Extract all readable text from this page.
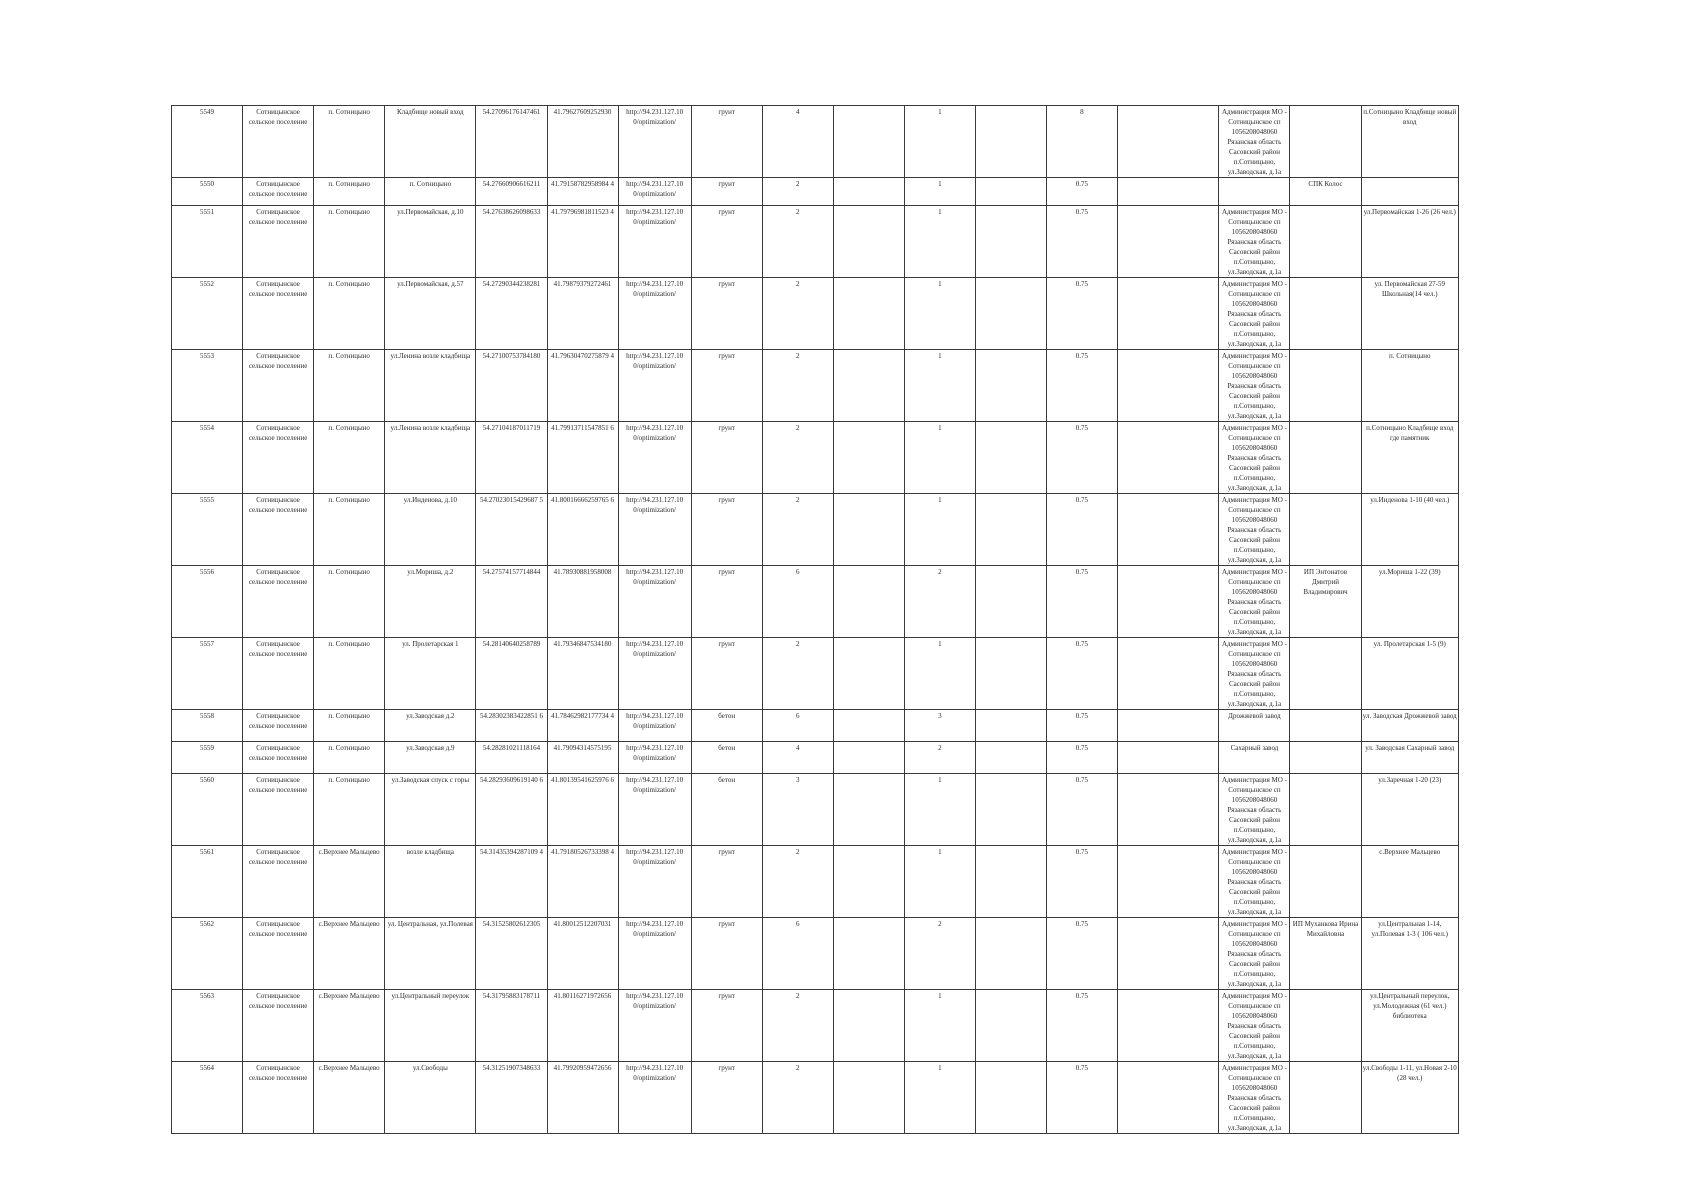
5549	Сотницынское сельское поселение	п. Сотницыно	Кладбище новый вход	54.27096176147461	41.79627609252930	http://94.231.127.10 0/optimization/	грунт	4		1		8		Администрация МО - Сотницынское сп 1056208048060 Рязанская область Сасовский район п.Сотницыно, ул.Заводская, д.1а		п.Сотницыно Кладбище новый вход
5550	Сотницынское сельское поселение	п. Сотницыно	п. Сотницыно	54.27660906616211	41.79158782958984 4	http://94.231.127.10 0/optimization/	грунт	2		1		0.75			СПК Колос	
5551	Сотницынское сельское поселение	п. Сотницыно	ул.Первомайская, д.10	54.27638626098633	41.79796981811523 4	http://94.231.127.10 0/optimization/	грунт	2		1		0.75		Администрация МО - Сотницынское сп 1056208048060 Рязанская область Сасовский район п.Сотницыно, ул.Заводская, д.1а		ул.Первомайская 1-26 (26 чел.)
5552	Сотницынское сельское поселение	п. Сотницыно	ул.Первомайская, д.57	54.27290344238281	41.79879379272461	http://94.231.127.10 0/optimization/	грунт	2		1		0.75		Администрация МО - Сотницынское сп 1056208048060 Рязанская область Сасовский район п.Сотницыно, ул.Заводская, д.1а		ул. Первомайская 27-59 Школьная(14 чел.)
5553	Сотницынское сельское поселение	п. Сотницыно	ул.Ленина возле кладбища	54.27100753784180	41.79630470275879 4	http://94.231.127.10 0/optimization/	грунт	2		1		0.75		Администрация МО - Сотницынское сп 1056208048060 Рязанская область Сасовский район п.Сотницыно, ул.Заводская, д.1а		п. Сотницыно
5554	Сотницынское сельское поселение	п. Сотницыно	ул.Ленина возле кладбища	54.27104187011719	41.79913711547851 6	http://94.231.127.10 0/optimization/	грунт	2		1		0.75		Администрация МО - Сотницынское сп 1056208048060 Рязанская область Сасовский район п.Сотницыно, ул.Заводская, д.1а		п.Сотницыно Кладбище вход где памятник
5555	Сотницынское сельское поселение	п. Сотницыно	ул.Инденова, д.10	54.27023015429687 5	41.80016666259765 6	http://94.231.127.10 0/optimization/	грунт	2		1		0.75		Администрация МО - Сотницынское сп 1056208048060 Рязанская область Сасовский район п.Сотницыно, ул.Заводская, д.1а		ул.Инденова 1-10 (40 чел.)
5556	Сотницынское сельское поселение	п. Сотницыно	ул.Мориша, д.2	54.27574157714844	41.78930881958008	http://94.231.127.10 0/optimization/	грунт	6		2		0.75		Администрация МО - Сотницынское сп 1056208048060 Рязанская область Сасовский район п.Сотницыно, ул.Заводская, д.1а	ИП Энтонатов Дмитрий Владимирович	ул.Мориша 1-22 (39)
5557	Сотницынское сельское поселение	п. Сотницыно	ул. Пролетарская 1	54.28140640258789	41.79346847534180	http://94.231.127.10 0/optimization/	грунт	2		1		0.75		Администрация МО - Сотницынское сп 1056208048060 Рязанская область Сасовский район п.Сотницыно, ул.Заводская, д.1а		ул. Пролетарская 1-5 (9)
5558	Сотницынское сельское поселение	п. Сотницыно	ул.Заводская д.2	54.28302383422851 6	41.78462982177734 4	http://94.231.127.10 0/optimization/	бетон	6		3		0.75		Дрожжевой завод		ул. Заводская Дрожжевой завод
5559	Сотницынское сельское поселение	п. Сотницыно	ул.Заводская д.9	54.28281021118164	41.79094314575195	http://94.231.127.10 0/optimization/	бетон	4		2		0.75		Сахарный завод		ул. Заводская Сахарный завод
5560	Сотницынское сельское поселение	п. Сотницыно	ул.Заводская спуск с горы	54.28293609619140 6	41.80139541625976 6	http://94.231.127.10 0/optimization/	бетон	3		1		0.75		Администрация МО - Сотницынское сп 1056208048060 Рязанская область Сасовский район п.Сотницыно, ул.Заводская, д.1а		ул.Заречная 1-20 (23)
5561	Сотницынское сельское поселение	с.Верхнее Мальцево	возле кладбища	54.31435394287109 4	41.79180526733398 4	http://94.231.127.10 0/optimization/	грунт	2		1		0.75		Администрация МО - Сотницынское сп 1056208048060 Рязанская область Сасовский район п.Сотницыно, ул.Заводская, д.1а		с.Верхнее Мальцево
5562	Сотницынское сельское поселение	с.Верхнее Мальцево	ул. Центральная, ул.Полевая	54.31525802612305	41.80012512207031	http://94.231.127.10 0/optimization/	грунт	6		2		0.75		Администрация МО - Сотницынское сп 1056208048060 Рязанская область Сасовский район п.Сотницыно, ул.Заводская, д.1а	ИП Муханкова Ирина Михайловна	ул.Центральная 1-14, ул.Полевая 1-3 ( 106 чел.)
5563	Сотницынское сельское поселение	с.Верхнее Мальцево	ул.Центральный переулок	54.31795883178711	41.80116271972656	http://94.231.127.10 0/optimization/	грунт	2		1		0.75		Администрация МО - Сотницынское сп 1056208048060 Рязанская область Сасовский район п.Сотницыно, ул.Заводская, д.1а		ул.Центральный переулок, ул.Молодежная (61 чел.) библиотека
5564	Сотницынское сельское поселение	с.Верхнее Мальцево	ул.Свободы	54.31251907348633	41.79920959472656	http://94.231.127.10 0/optimization/	грунт	2		1		0.75		Администрация МО - Сотницынское сп 1056208048060 Рязанская область Сасовский район п.Сотницыно, ул.Заводская, д.1а		ул.Свободы 1-11, ул.Новая 2-10 (28 чел.)
